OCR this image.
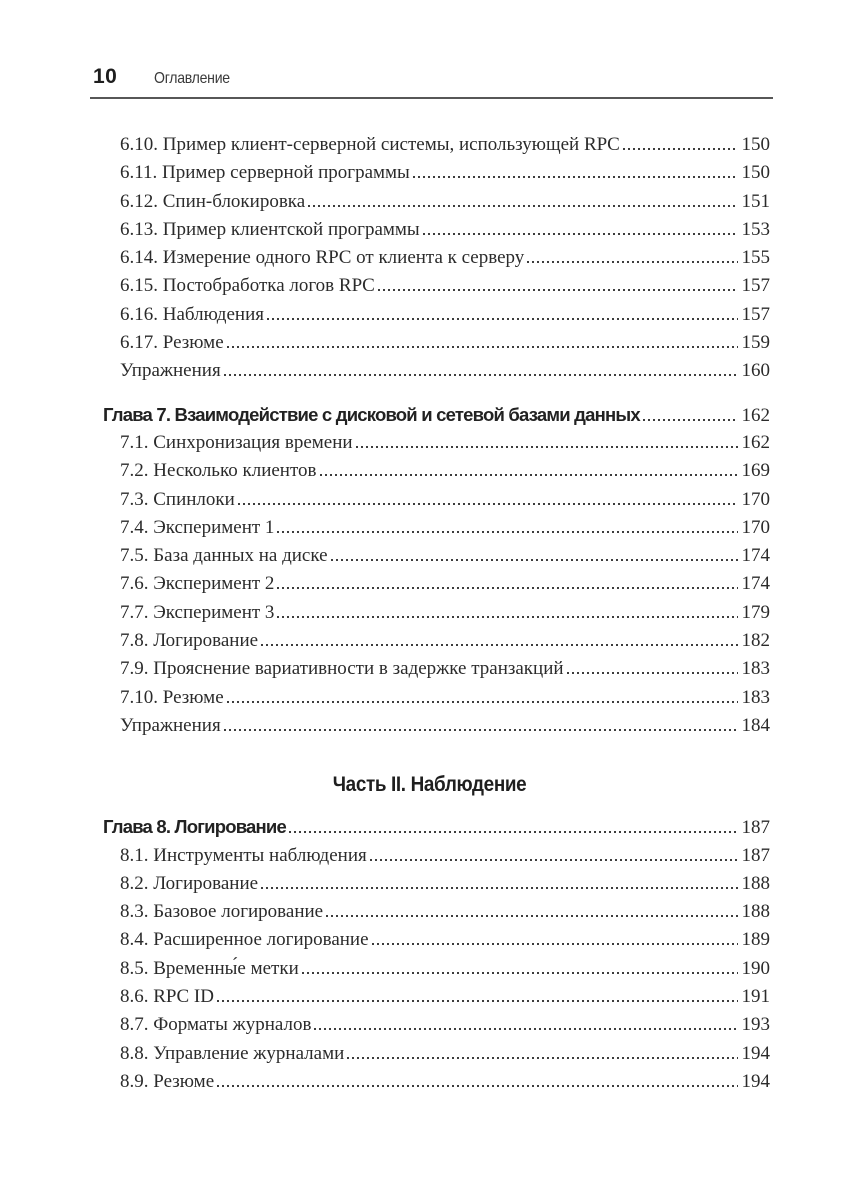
10 Оглавление
6.10. Пример клиент-серверной системы, использующей RPC	150
6.11. Пример серверной программы	150
6.12. Спин-блокировка	151
6.13. Пример клиентской программы	153
6.14. Измерение одного RPC от клиента к серверу	155
6.15. Постобработка логов RPC	157
6.16. Наблюдения	157
6.17. Резюме	159
Упражнения	160
Глава 7. Взаимодействие с дисковой и сетевой базами данных	162
7.1. Синхронизация времени	162
7.2. Несколько клиентов	169
7.3. Спинлоки	170
7.4. Эксперимент 1	170
7.5. База данных на диске	174
7.6. Эксперимент 2	174
7.7. Эксперимент 3	179
7.8. Логирование	182
7.9. Прояснение вариативности в задержке транзакций	183
7.10. Резюме	183
Упражнения	184
Часть II. Наблюдение
Глава 8. Логирование	187
8.1. Инструменты наблюдения	187
8.2. Логирование	188
8.3. Базовое логирование	188
8.4. Расширенное логирование	189
8.5. Временны́е метки	190
8.6. RPC ID	191
8.7. Форматы журналов	193
8.8. Управление журналами	194
8.9. Резюме	194
